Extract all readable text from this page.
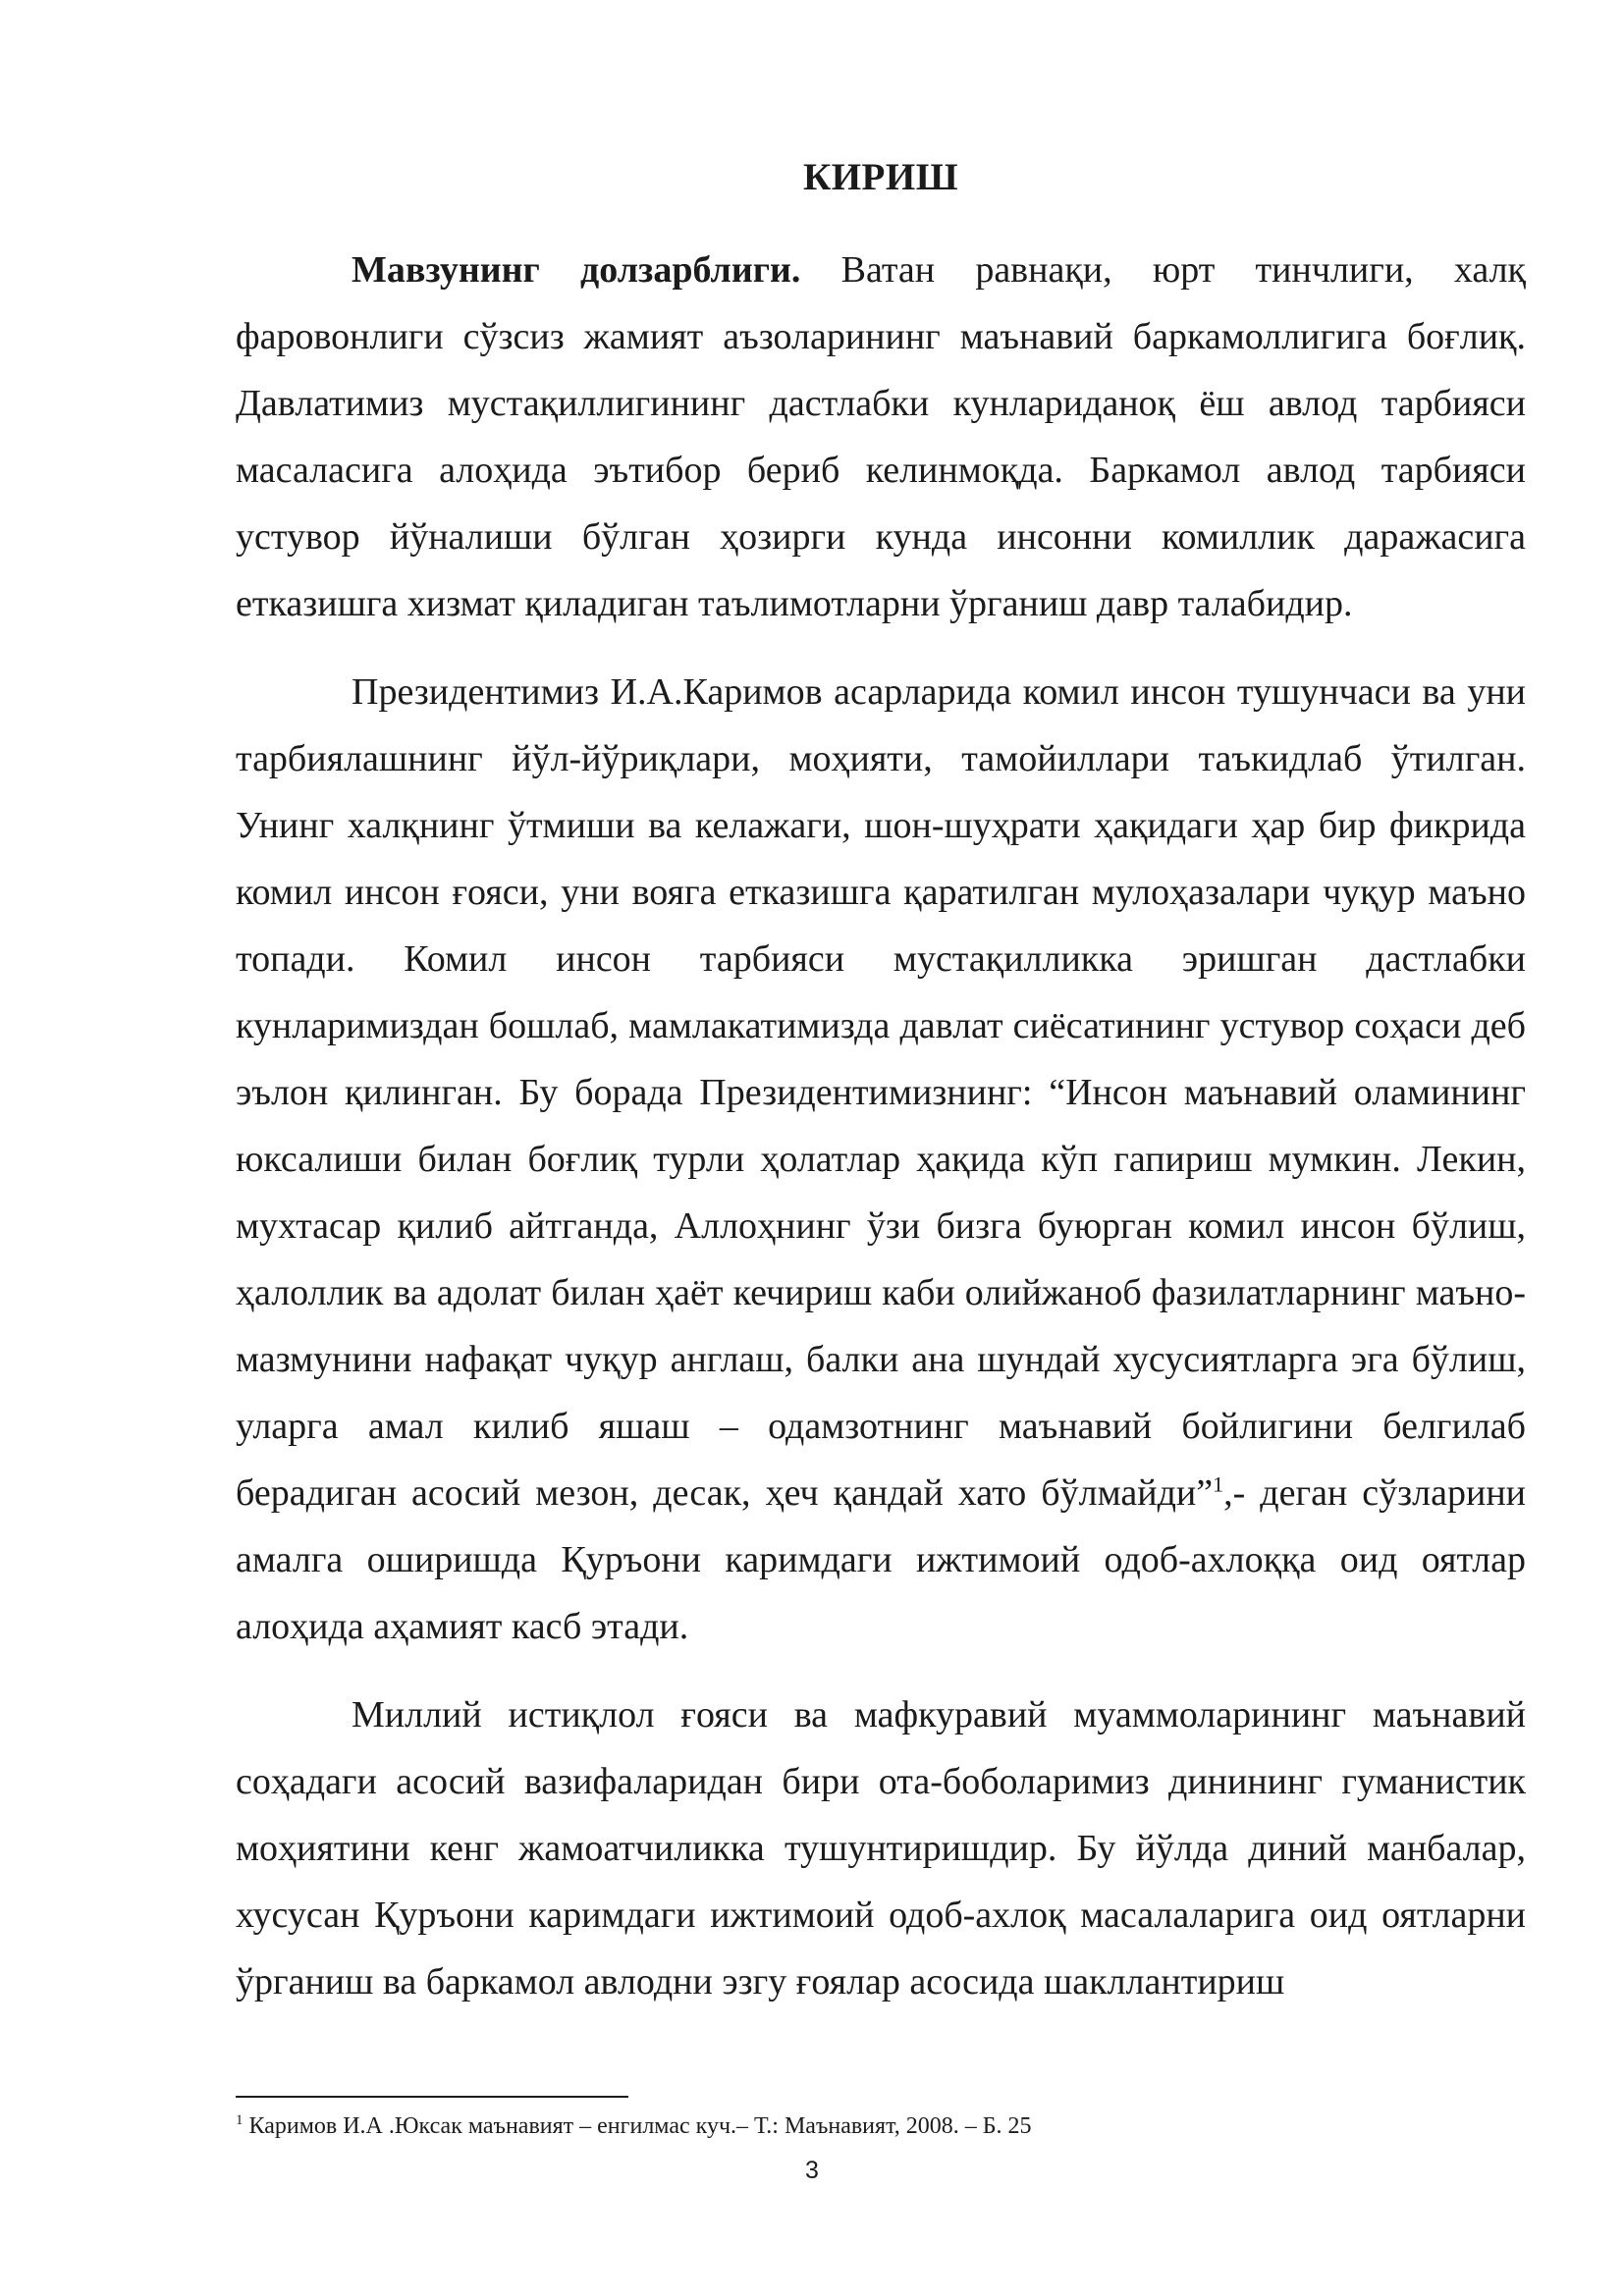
КИРИШ

Мавзунинг долзарблиги. Ватан равнақи, юрт тинчлиги, халқ фаровонлиги сўзсиз жамият аъзоларининг маънавий баркамоллигига боғлиқ. Давлатимиз мустақиллигининг дастлабки кунлариданоқ ёш авлод тарбияси масаласига алоҳида эътибор бериб келинмоқда. Баркамол авлод тарбияси устувор йўналиши бўлган ҳозирги кунда инсонни комиллик даражасига етказишга хизмат қиладиган таълимотларни ўрганиш давр талабидир.

Президентимиз И.А.Каримов асарларида комил инсон тушунчаси ва уни тарбиялашнинг йўл-йўриқлари, моҳияти, тамойиллари таъкидлаб ўтилган. Унинг халқнинг ўтмиши ва келажаги, шон-шуҳрати ҳақидаги ҳар бир фикрида комил инсон ғояси, уни вояга етказишга қаратилган мулоҳазалари чуқур маъно топади. Комил инсон тарбияси мустақилликка эришган дастлабки кунларимиздан бошлаб, мамлакатимизда давлат сиёсатининг устувор соҳаси деб эълон қилинган. Бу борада Президентимизнинг: “Инсон маънавий оламининг юксалиши билан боғлиқ турли ҳолатлар ҳақида кўп гапириш мумкин. Лекин, мухтасар қилиб айтганда, Аллоҳнинг ўзи бизга буюрган комил инсон бўлиш, ҳалоллик ва адолат билан ҳаёт кечириш каби олийжаноб фазилатларнинг маъно-мазмунини нафақат чуқур англаш, балки ана шундай хусусиятларга эга бўлиш, уларга амал килиб яшаш – одамзотнинг маънавий бойлигини белгилаб берадиган асосий мезон, десак, ҳеч қандай хато бўлмайди”$^1$,- деган сўзларини амалга оширишда Қуръони каримдаги ижтимоий одоб-ахлоққа оид оятлар алоҳида аҳамият касб этади.

Миллий истиқлол ғояси ва мафкуравий муаммоларининг маънавий соҳадаги асосий вазифаларидан бири ота-боболаримиз динининг гуманистик моҳиятини кенг жамоатчиликка тушунтиришдир. Бу йўлда диний манбалар, хусусан Қуръони каримдаги ижтимоий одоб-ахлоқ масалаларига оид оятларни ўрганиш ва баркамол авлодни эзгу ғоялар асосида шакллантириш

$^1$ Каримов И.А .Юксак маънавият – енгилмас куч.– Т.: Маънавият, 2008. – Б. 25
3
